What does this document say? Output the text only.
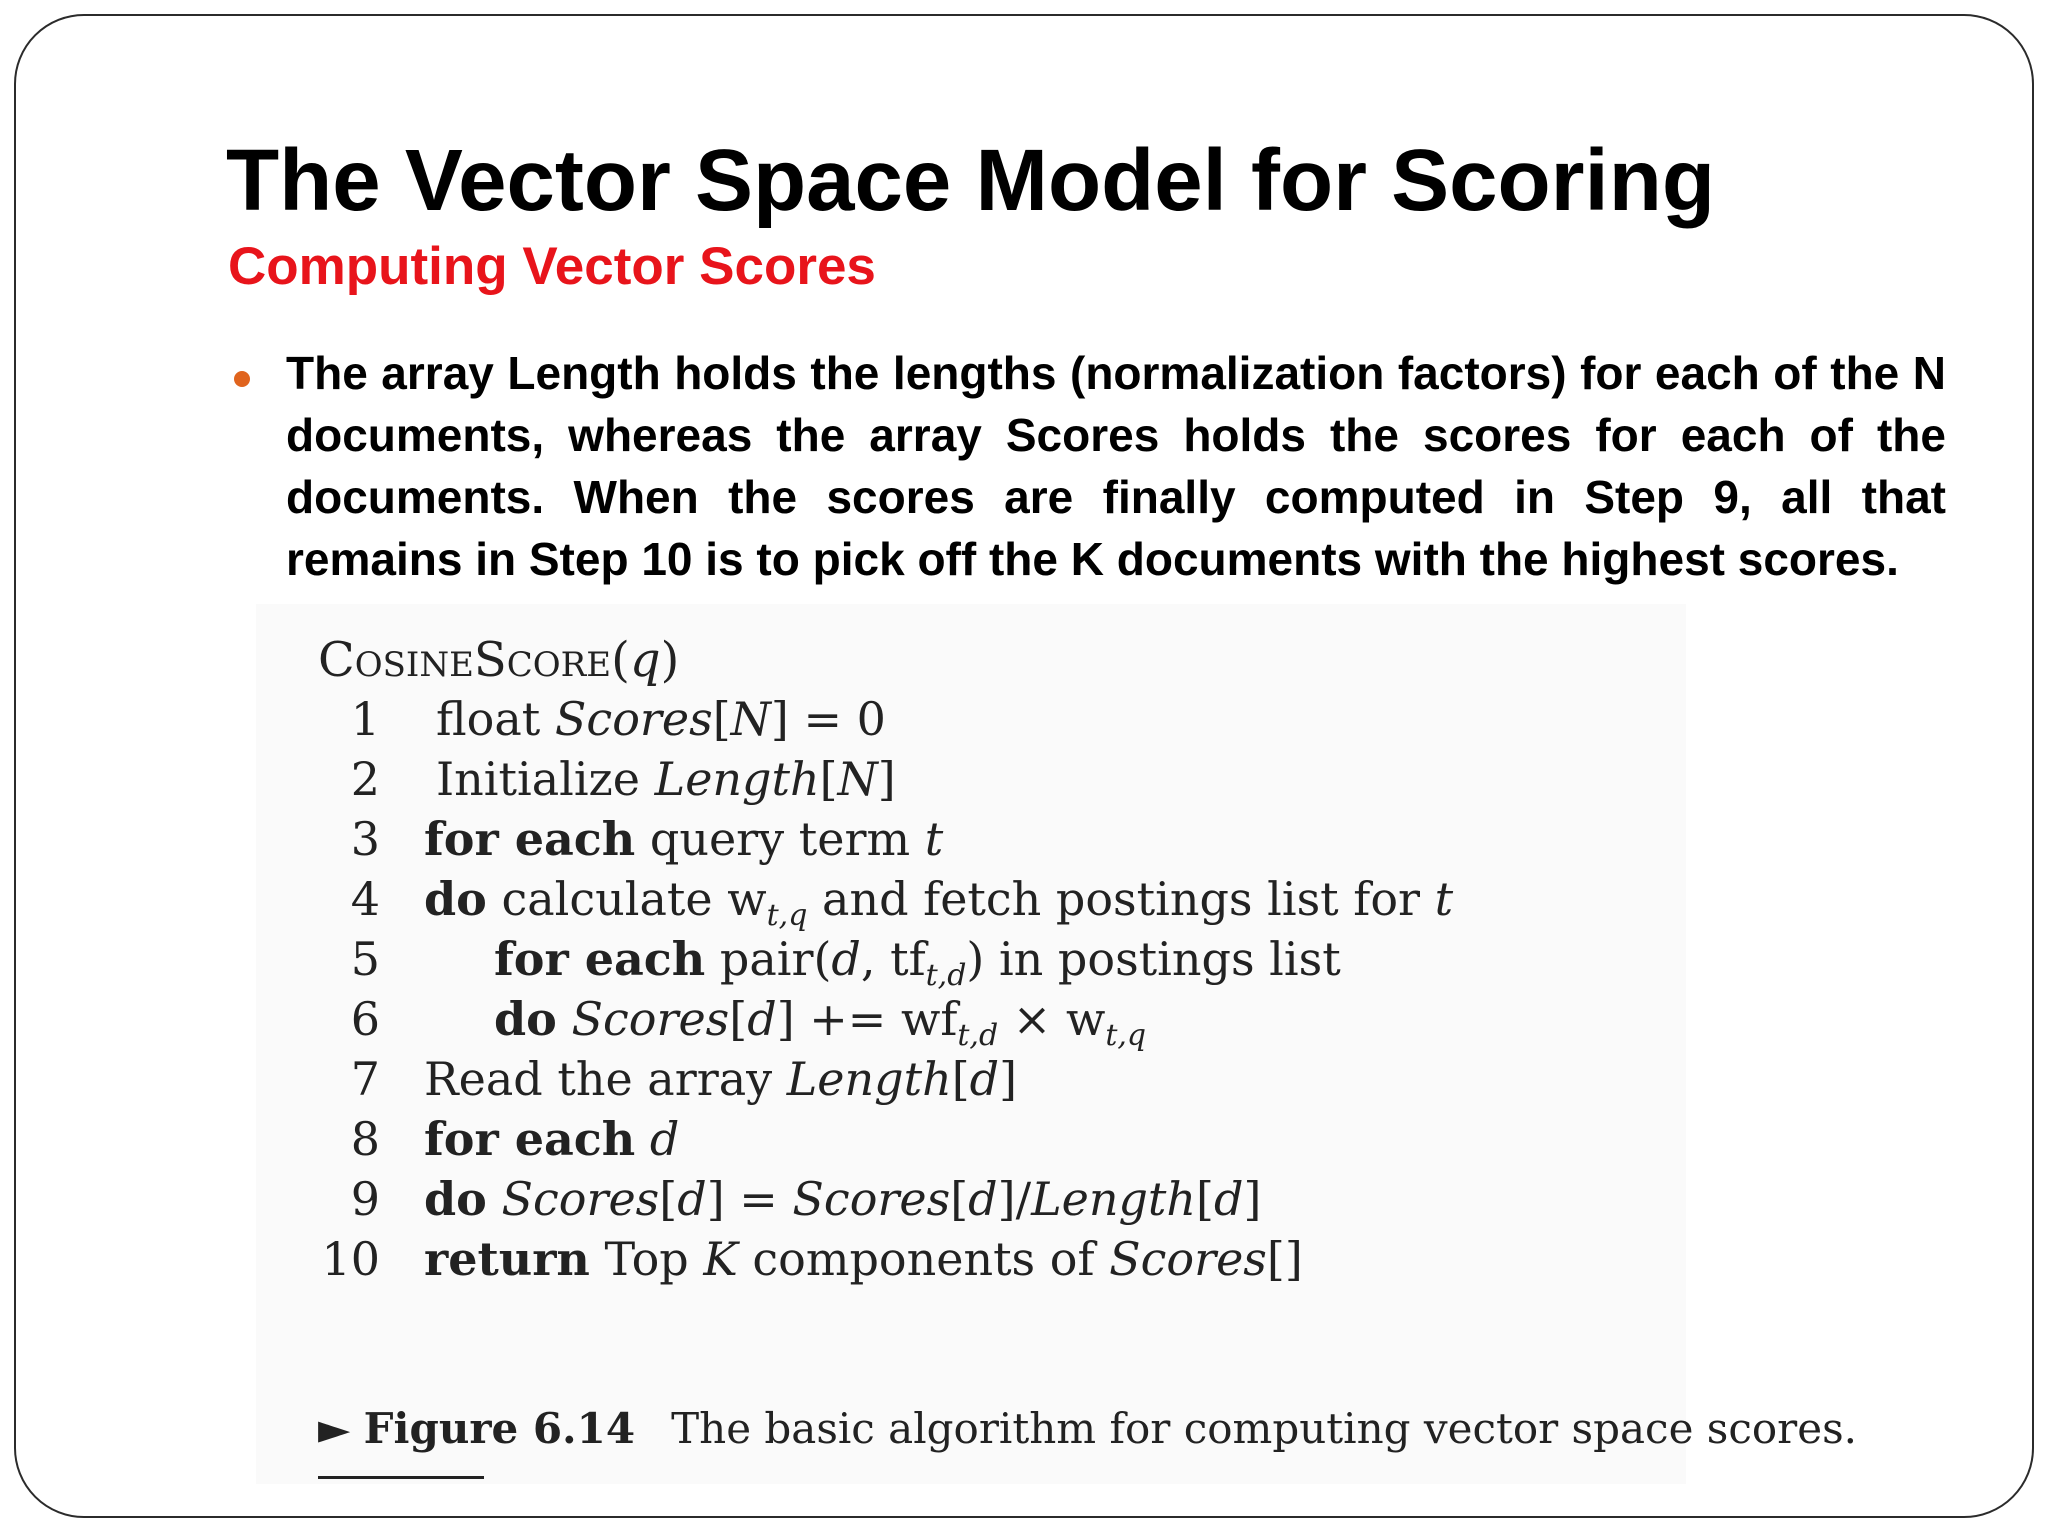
The Vector Space Model for Scoring
Computing Vector Scores

The array Length holds the lengths (normalization factors) for each of the N documents, whereas the array Scores holds the scores for each of the documents. When the scores are finally computed in Step 9, all that remains in Step 10 is to pick off the K documents with the highest scores.

CosineScore(q)
1 float Scores[N] = 0
2 Initialize Length[N]
3 for each query term t
4 do calculate $w_{t,q}$ and fetch postings list for t
5 for each pair(d, $tf_{t,d}$) in postings list
6 do Scores[d] += $wf_{t,d} \times w_{t,q}$
7 Read the array Length[d]
8 for each d
9 do Scores[d] = Scores[d]/Length[d]
10 return Top K components of Scores[]
► Figure 6.14 The basic algorithm for computing vector space scores.
